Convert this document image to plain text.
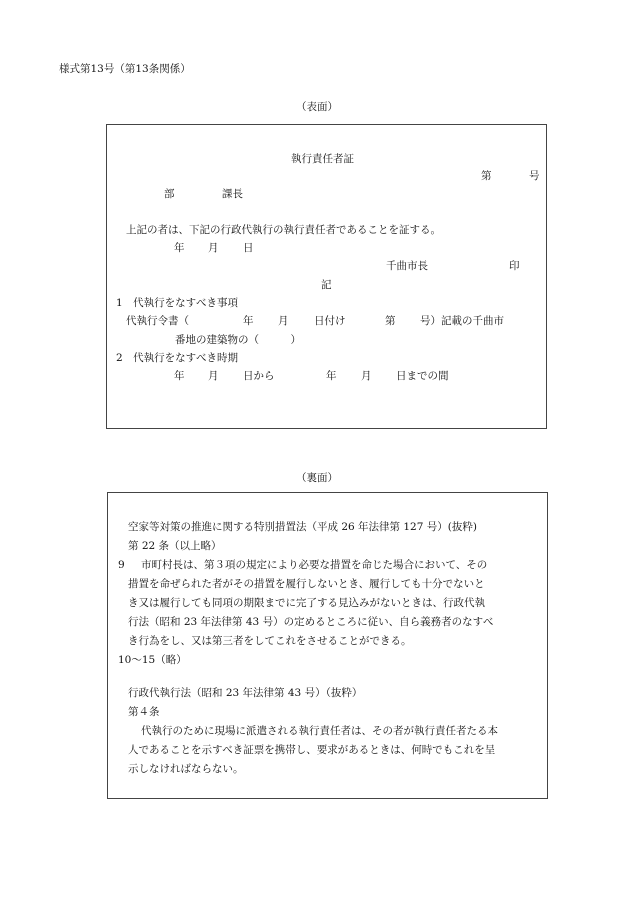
様式第13号（第13条関係）
（表面）
執行責任者証
第	号
部	課長
上記の者は、下記の行政代執行の執行責任者であることを証する。
年 月 日
千曲市長	印
記
1　代執行をなすべき事項
代執行令書（	年 月 日付け	第 号）記載の千曲市
番地の建築物の（　　　）
2　代執行をなすべき時期
年 月 日から	年 月 日までの間
（裏面）
空家等対策の推進に関する特別措置法（平成 26 年法律第 127 号）(抜粋)
第 22 条（以上略）
9 市町村長は、第３項の規定により必要な措置を命じた場合において、その
措置を命ぜられた者がその措置を履行しないとき、履行しても十分でないと
き又は履行しても同項の期限までに完了する見込みがないときは、行政代執
行法（昭和 23 年法律第 43 号）の定めるところに従い、自ら義務者のなすべ
き行為をし、又は第三者をしてこれをさせることができる。
10〜15（略）
行政代執行法（昭和 23 年法律第 43 号）（抜粋）
第４条
代執行のために現場に派遣される執行責任者は、その者が執行責任者たる本
人であることを示すべき証票を携帯し、要求があるときは、何時でもこれを呈
示しなければならない。
